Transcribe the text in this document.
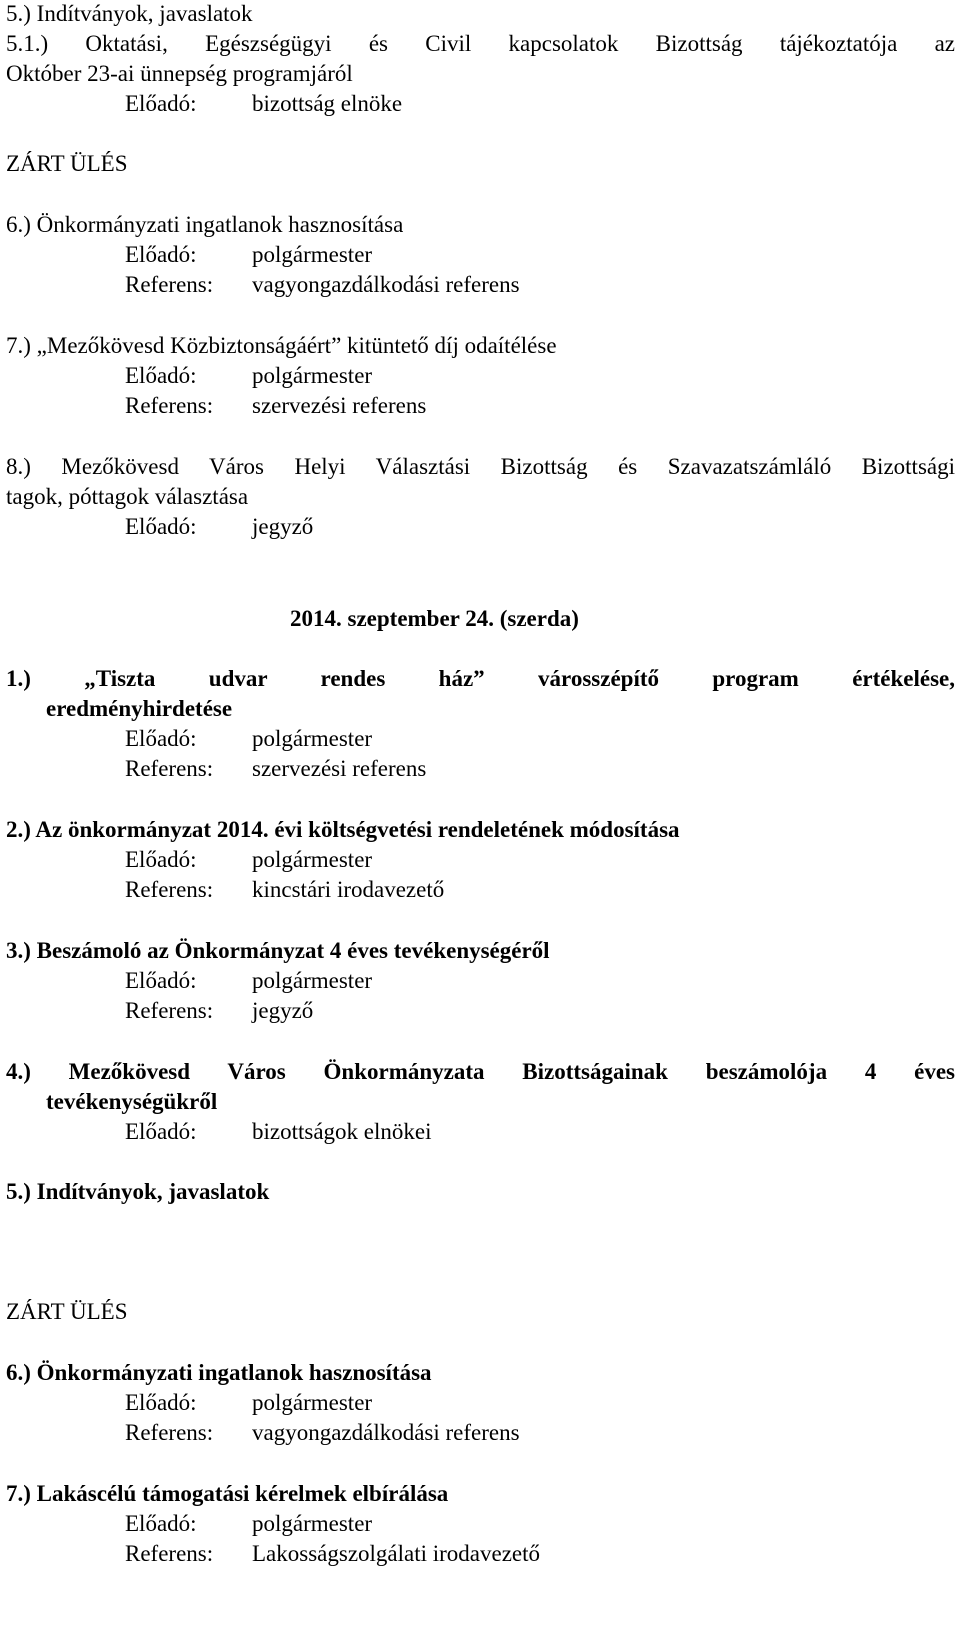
5.) Indítványok, javaslatok
5.1.) Oktatási, Egészségügyi és Civil kapcsolatok Bizottság tájékoztatója az
Október 23-ai ünnepség programjáról
Előadó: bizottság elnöke
ZÁRT ÜLÉS
6.) Önkormányzati ingatlanok hasznosítása
Előadó: polgármester
Referens: vagyongazdálkodási referens
7.) „Mezőkövesd Közbiztonságáért” kitüntető díj odaítélése
Előadó: polgármester
Referens: szervezési referens
8.) Mezőkövesd Város Helyi Választási Bizottság és Szavazatszámláló Bizottsági
tagok, póttagok választása
Előadó: jegyző
2014. szeptember 24. (szerda)
1.) „Tiszta udvar rendes ház” városszépítő program értékelése,
eredményhirdetése
Előadó: polgármester
Referens: szervezési referens
2.) Az önkormányzat 2014. évi költségvetési rendeletének módosítása
Előadó: polgármester
Referens: kincstári irodavezető
3.) Beszámoló az Önkormányzat 4 éves tevékenységéről
Előadó: polgármester
Referens: jegyző
4.) Mezőkövesd Város Önkormányzata Bizottságainak beszámolója 4 éves
tevékenységükről
Előadó: bizottságok elnökei
5.) Indítványok, javaslatok
ZÁRT ÜLÉS
6.) Önkormányzati ingatlanok hasznosítása
Előadó: polgármester
Referens: vagyongazdálkodási referens
7.) Lakáscélú támogatási kérelmek elbírálása
Előadó: polgármester
Referens: Lakosságszolgálati irodavezető
